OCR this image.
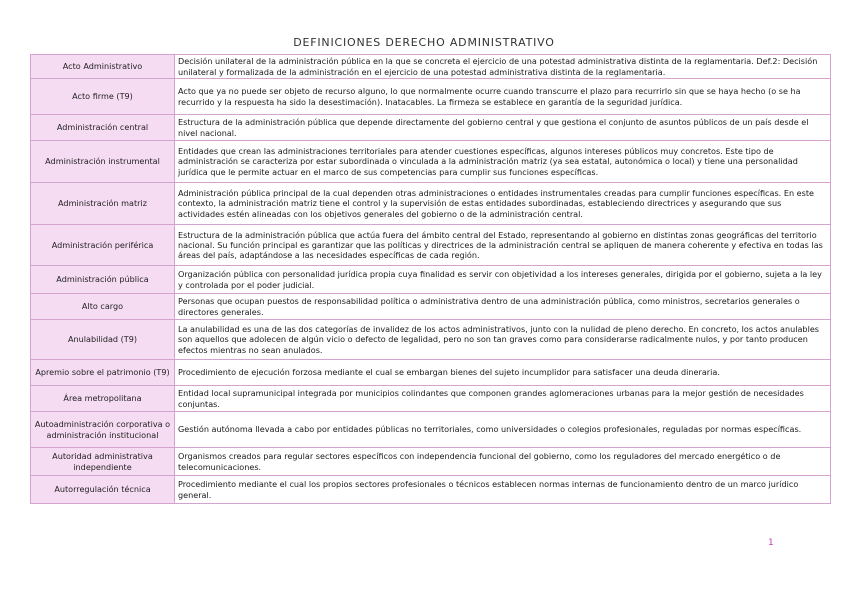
DEFINICIONES DERECHO ADMINISTRATIVO
Acto Administrativo	Decisión unilateral de la administración pública en la que se concreta el ejercicio de una potestad administrativa distinta de la reglamentaria. Def.2: Decisión unilateral y formalizada de la administración en el ejercicio de una potestad administrativa distinta de la reglamentaria.
Acto firme (T9)	Acto que ya no puede ser objeto de recurso alguno, lo que normalmente ocurre cuando transcurre el plazo para recurrirlo sin que se haya hecho (o se ha recurrido y la respuesta ha sido la desestimación). Inatacables. La firmeza se establece en garantía de la seguridad jurídica.
Administración central	Estructura de la administración pública que depende directamente del gobierno central y que gestiona el conjunto de asuntos públicos de un país desde el nivel nacional.
Administración instrumental	Entidades que crean las administraciones territoriales para atender cuestiones específicas, algunos intereses públicos muy concretos. Este tipo de administración se caracteriza por estar subordinada o vinculada a la administración matriz (ya sea estatal, autonómica o local) y tiene una personalidad jurídica que le permite actuar en el marco de sus competencias para cumplir sus funciones específicas.
Administración matriz	Administración pública principal de la cual dependen otras administraciones o entidades instrumentales creadas para cumplir funciones específicas. En este contexto, la administración matriz tiene el control y la supervisión de estas entidades subordinadas, estableciendo directrices y asegurando que sus actividades estén alineadas con los objetivos generales del gobierno o de la administración central.
Administración periférica	Estructura de la administración pública que actúa fuera del ámbito central del Estado, representando al gobierno en distintas zonas geográficas del territorio nacional. Su función principal es garantizar que las políticas y directrices de la administración central se apliquen de manera coherente y efectiva en todas las áreas del país, adaptándose a las necesidades específicas de cada región.
Administración pública	Organización pública con personalidad jurídica propia cuya finalidad es servir con objetividad a los intereses generales, dirigida por el gobierno, sujeta a la ley y controlada por el poder judicial.
Alto cargo	Personas que ocupan puestos de responsabilidad política o administrativa dentro de una administración pública, como ministros, secretarios generales o directores generales.
Anulabilidad (T9)	La anulabilidad es una de las dos categorías de invalidez de los actos administrativos, junto con la nulidad de pleno derecho. En concreto, los actos anulables son aquellos que adolecen de algún vicio o defecto de legalidad, pero no son tan graves como para considerarse radicalmente nulos, y por tanto producen efectos mientras no sean anulados.
Apremio sobre el patrimonio (T9)	Procedimiento de ejecución forzosa mediante el cual se embargan bienes del sujeto incumplidor para satisfacer una deuda dineraria.
Área metropolitana	Entidad local supramunicipal integrada por municipios colindantes que componen grandes aglomeraciones urbanas para la mejor gestión de necesidades conjuntas.
Autoadministración corporativa o administración institucional	Gestión autónoma llevada a cabo por entidades públicas no territoriales, como universidades o colegios profesionales, reguladas por normas específicas.
Autoridad administrativa independiente	Organismos creados para regular sectores específicos con independencia funcional del gobierno, como los reguladores del mercado energético o de telecomunicaciones.
Autorregulación técnica	Procedimiento mediante el cual los propios sectores profesionales o técnicos establecen normas internas de funcionamiento dentro de un marco jurídico general.
1
